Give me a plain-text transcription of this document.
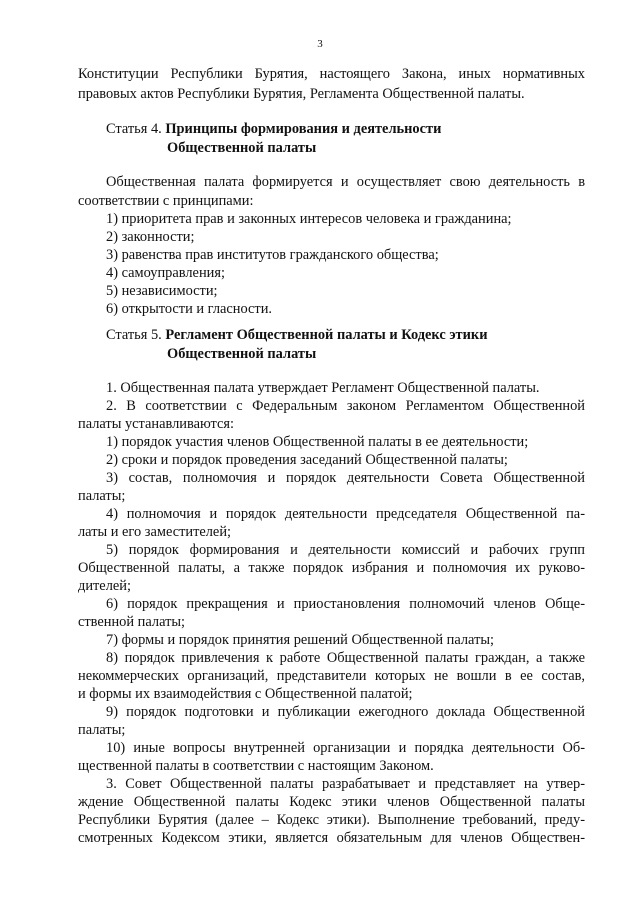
3
Конституции Республики Бурятия, настоящего Закона, иных нормативных
правовых актов Республики Бурятия, Регламента Общественной палаты.
Статья 4. Принципы формирования и деятельности
Общественной палаты
Общественная палата формируется и осуществляет свою деятельность в
соответствии с принципами:
1) приоритета прав и законных интересов человека и гражданина;
2) законности;
3) равенства прав институтов гражданского общества;
4) самоуправления;
5) независимости;
6) открытости и гласности.
Статья 5. Регламент Общественной палаты и Кодекс этики
Общественной палаты
1. Общественная палата утверждает Регламент Общественной палаты.
2. В соответствии с Федеральным законом Регламентом Общественной
палаты устанавливаются:
1) порядок участия членов Общественной палаты в ее деятельности;
2) сроки и порядок проведения заседаний Общественной палаты;
3) состав, полномочия и порядок деятельности Совета Общественной
палаты;
4) полномочия и порядок деятельности председателя Общественной па-
латы и его заместителей;
5) порядок формирования и деятельности комиссий и рабочих групп
Общественной палаты, а также порядок избрания и полномочия их руково-
дителей;
6) порядок прекращения и приостановления полномочий членов Обще-
ственной палаты;
7) формы и порядок принятия решений Общественной палаты;
8) порядок привлечения к работе Общественной палаты граждан, а также
некоммерческих организаций, представители которых не вошли в ее состав,
и формы их взаимодействия с Общественной палатой;
9) порядок подготовки и публикации ежегодного доклада Общественной
палаты;
10) иные вопросы внутренней организации и порядка деятельности Об-
щественной палаты в соответствии с настоящим Законом.
3. Совет Общественной палаты разрабатывает и представляет на утвер-
ждение Общественной палаты Кодекс этики членов Общественной палаты
Республики Бурятия (далее – Кодекс этики). Выполнение требований, преду-
смотренных Кодексом этики, является обязательным для членов Обществен-
